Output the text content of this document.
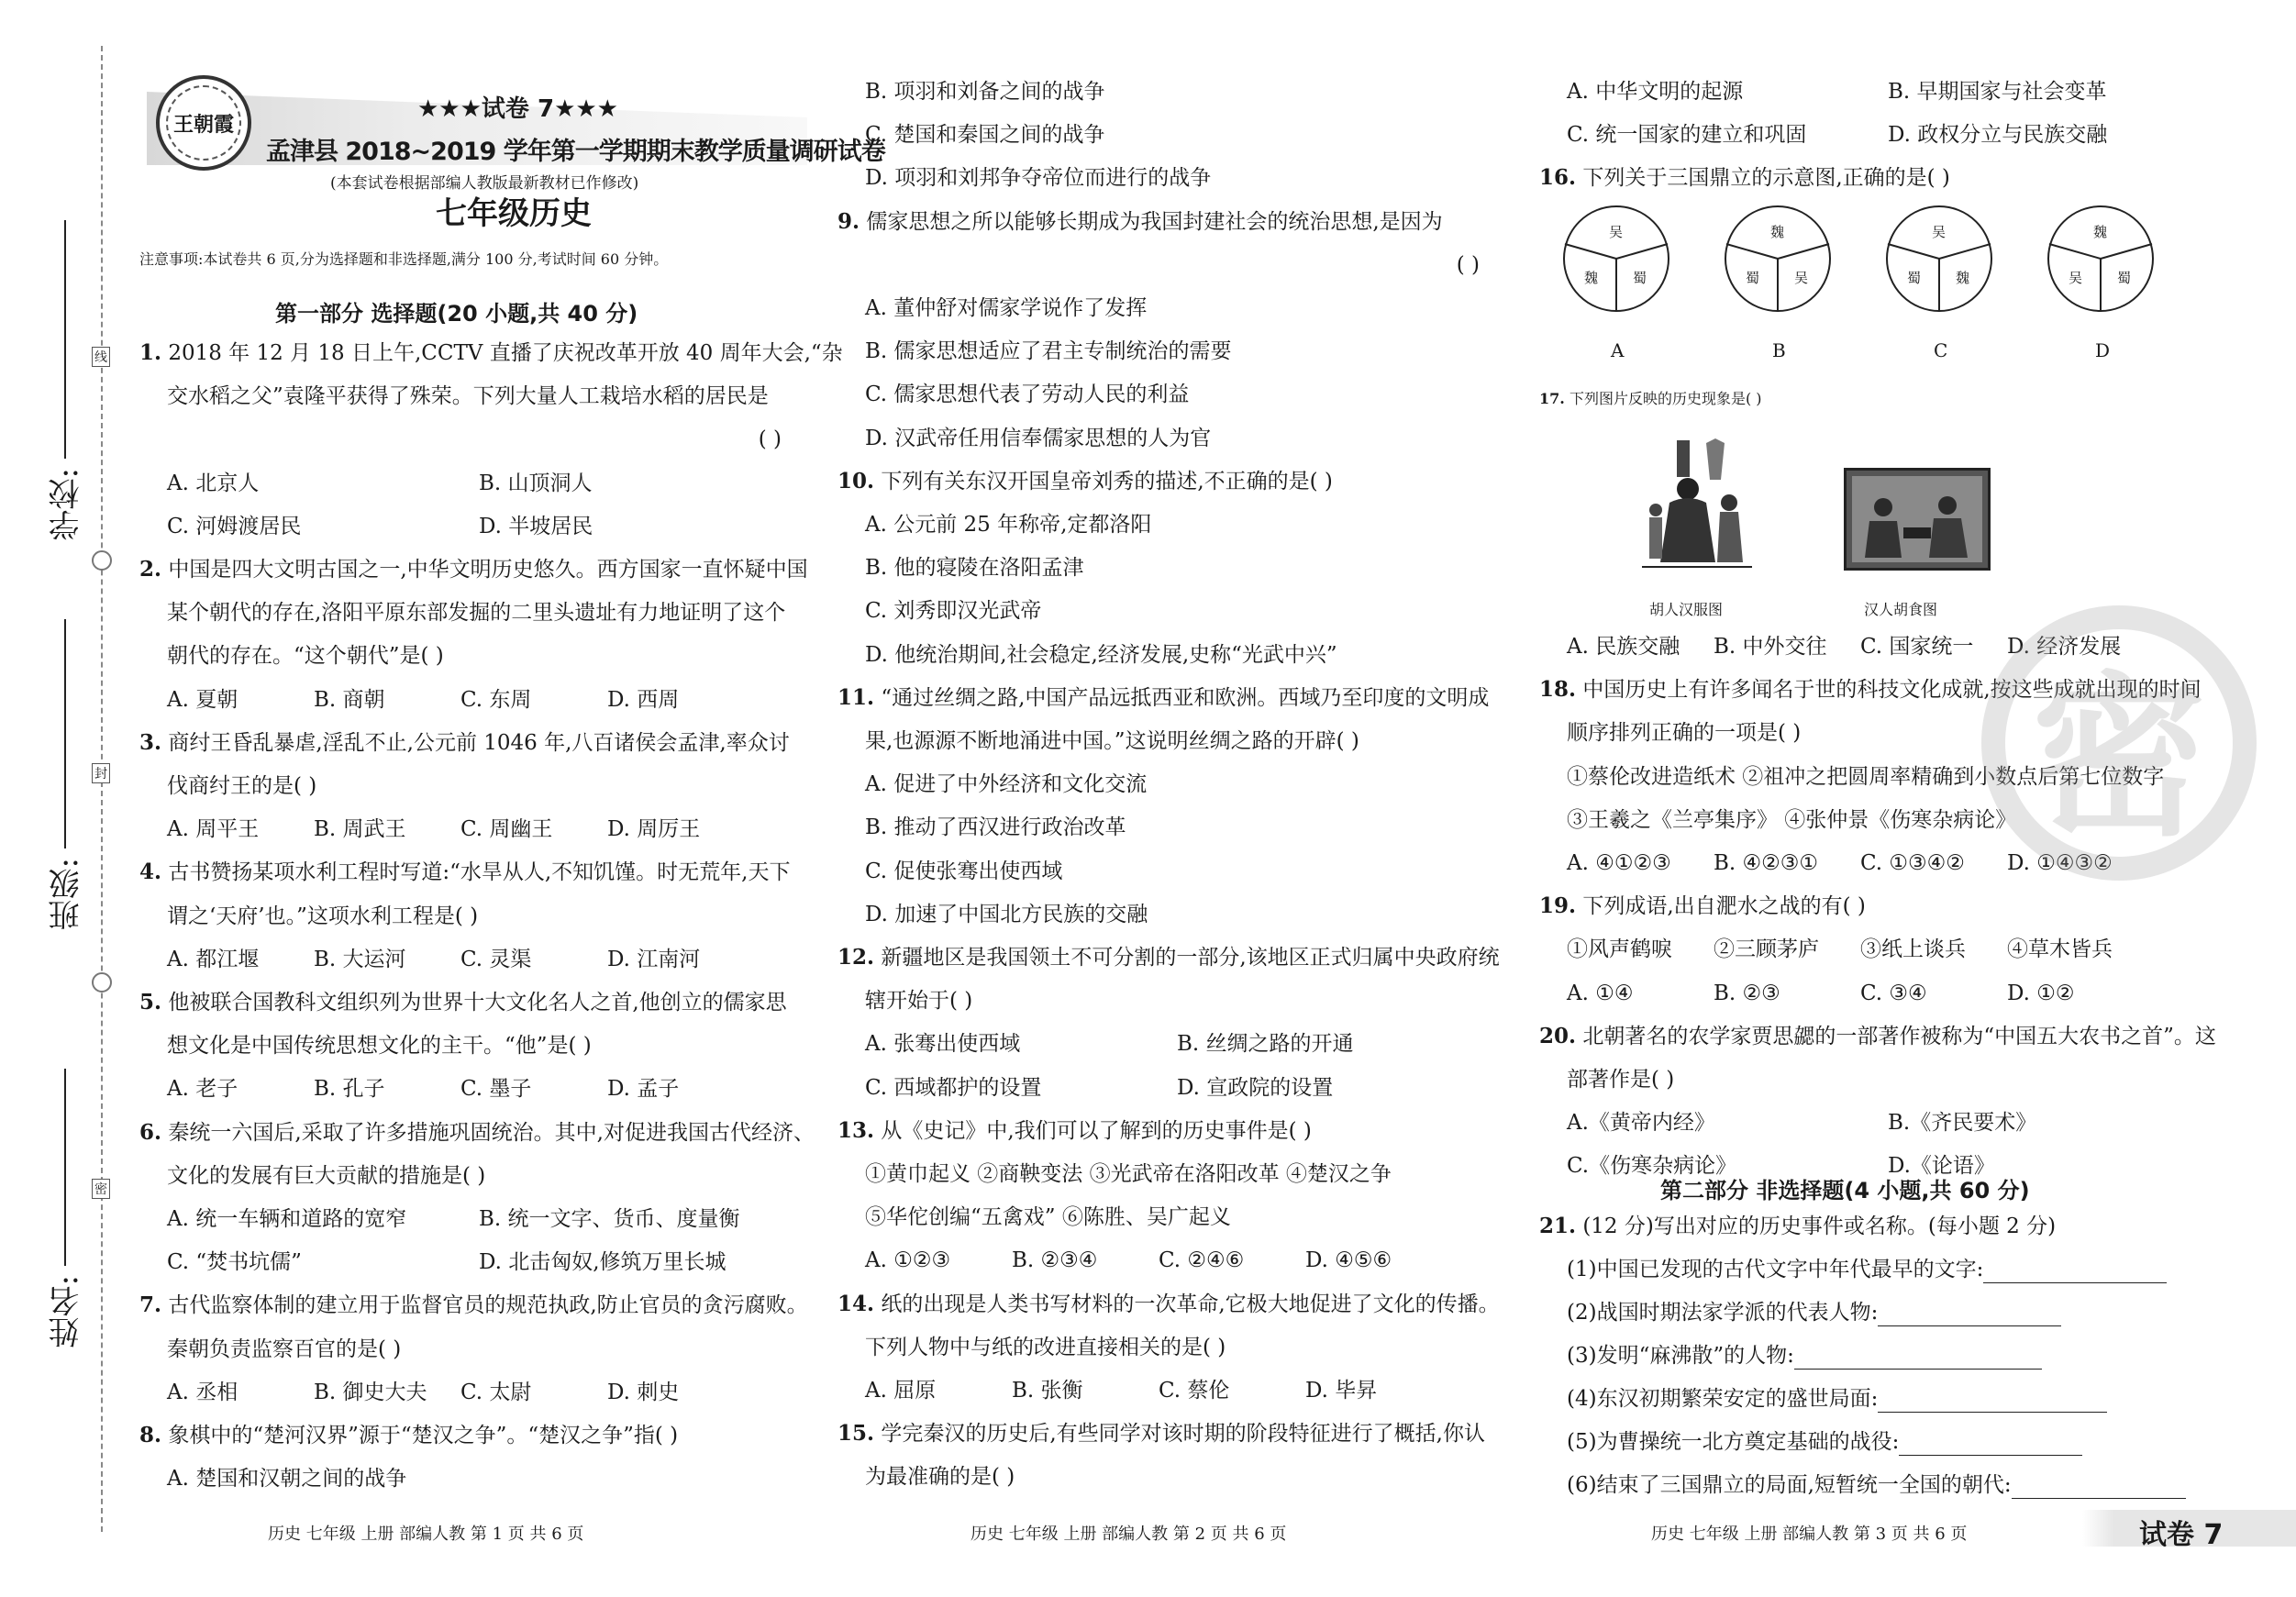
线
封
密
学校:
班级:
姓名:
王朝霞
★★★试卷 7★★★
孟津县 2018~2019 学年第一学期期末教学质量调研试卷
(本套试卷根据部编人教版最新教材已作修改)
七年级历史
注意事项:本试卷共 6 页,分为选择题和非选择题,满分 100 分,考试时间 60 分钟。
第一部分 选择题(20 小题,共 40 分)
1. 2018 年 12 月 18 日上午,CCTV 直播了庆祝改革开放 40 周年大会,“杂
交水稻之父”袁隆平获得了殊荣。下列大量人工栽培水稻的居民是
( )
A. 北京人	B. 山顶洞人
C. 河姆渡居民	D. 半坡居民
2. 中国是四大文明古国之一,中华文明历史悠久。西方国家一直怀疑中国
某个朝代的存在,洛阳平原东部发掘的二里头遗址有力地证明了这个
朝代的存在。“这个朝代”是( )
A. 夏朝	B. 商朝	C. 东周	D. 西周
3. 商纣王昏乱暴虐,淫乱不止,公元前 1046 年,八百诸侯会孟津,率众讨
伐商纣王的是( )
A. 周平王	B. 周武王	C. 周幽王	D. 周厉王
4. 古书赞扬某项水利工程时写道:“水旱从人,不知饥馑。时无荒年,天下
谓之‘天府’也。”这项水利工程是( )
A. 都江堰	B. 大运河	C. 灵渠	D. 江南河
5. 他被联合国教科文组织列为世界十大文化名人之首,他创立的儒家思
想文化是中国传统思想文化的主干。“他”是( )
A. 老子	B. 孔子	C. 墨子	D. 孟子
6. 秦统一六国后,采取了许多措施巩固统治。其中,对促进我国古代经济、
文化的发展有巨大贡献的措施是( )
A. 统一车辆和道路的宽窄	B. 统一文字、货币、度量衡
C. “焚书坑儒”	D. 北击匈奴,修筑万里长城
7. 古代监察体制的建立用于监督官员的规范执政,防止官员的贪污腐败。
秦朝负责监察百官的是( )
A. 丞相	B. 御史大夫 C. 太尉	D. 刺史
8. 象棋中的“楚河汉界”源于“楚汉之争”。“楚汉之争”指( )
A. 楚国和汉朝之间的战争
B. 项羽和刘备之间的战争
C. 楚国和秦国之间的战争
D. 项羽和刘邦争夺帝位而进行的战争
9. 儒家思想之所以能够长期成为我国封建社会的统治思想,是因为
( )
A. 董仲舒对儒家学说作了发挥
B. 儒家思想适应了君主专制统治的需要
C. 儒家思想代表了劳动人民的利益
D. 汉武帝任用信奉儒家思想的人为官
10. 下列有关东汉开国皇帝刘秀的描述,不正确的是( )
A. 公元前 25 年称帝,定都洛阳
B. 他的寝陵在洛阳孟津
C. 刘秀即汉光武帝
D. 他统治期间,社会稳定,经济发展,史称“光武中兴”
11. “通过丝绸之路,中国产品远抵西亚和欧洲。西域乃至印度的文明成
果,也源源不断地涌进中国。”这说明丝绸之路的开辟( )
A. 促进了中外经济和文化交流
B. 推动了西汉进行政治改革
C. 促使张骞出使西域
D. 加速了中国北方民族的交融
12. 新疆地区是我国领土不可分割的一部分,该地区正式归属中央政府统
辖开始于( )
A. 张骞出使西域	B. 丝绸之路的开通
C. 西域都护的设置	D. 宣政院的设置
13. 从《史记》中,我们可以了解到的历史事件是( )
①黄巾起义 ②商鞅变法 ③光武帝在洛阳改革 ④楚汉之争
⑤华佗创编“五禽戏” ⑥陈胜、吴广起义
A. ①②③	B. ②③④	C. ②④⑥	D. ④⑤⑥
14. 纸的出现是人类书写材料的一次革命,它极大地促进了文化的传播。
下列人物中与纸的改进直接相关的是( )
A. 屈原	B. 张衡	C. 蔡伦	D. 毕昇
15. 学完秦汉的历史后,有些同学对该时期的阶段特征进行了概括,你认
为最准确的是( )
A. 中华文明的起源	B. 早期国家与社会变革
C. 统一国家的建立和巩固	D. 政权分立与民族交融
16. 下列关于三国鼎立的示意图,正确的是( )
吴
魏	蜀
A
魏
蜀	吴
B
吴
蜀	魏
C
魏
吴	蜀
D
17. 下列图片反映的历史现象是( )
胡人汉服图	汉人胡食图
A. 民族交融 B. 中外交往 C. 国家统一 D. 经济发展
18. 中国历史上有许多闻名于世的科技文化成就,按这些成就出现的时间
顺序排列正确的一项是( )
①蔡伦改进造纸术 ②祖冲之把圆周率精确到小数点后第七位数字
③王羲之《兰亭集序》 ④张仲景《伤寒杂病论》
A. ④①②③ B. ④②③① C. ①③④② D. ①④③②
19. 下列成语,出自淝水之战的有( )
①风声鹤唳 ②三顾茅庐 ③纸上谈兵 ④草木皆兵
A. ①④	B. ②③	C. ③④	D. ①②
20. 北朝著名的农学家贾思勰的一部著作被称为“中国五大农书之首”。这
部著作是( )
A.《黄帝内经》	B.《齐民要术》
C.《伤寒杂病论》	D.《论语》
密
第二部分 非选择题(4 小题,共 60 分)
21. (12 分)写出对应的历史事件或名称。(每小题 2 分)
(1)中国已发现的古代文字中年代最早的文字:
(2)战国时期法家学派的代表人物:
(3)发明“麻沸散”的人物:
(4)东汉初期繁荣安定的盛世局面:
(5)为曹操统一北方奠定基础的战役:
(6)结束了三国鼎立的局面,短暂统一全国的朝代:
历史 七年级 上册 部编人教 第 1 页 共 6 页	历史 七年级 上册 部编人教 第 2 页 共 6 页	历史 七年级 上册 部编人教 第 3 页 共 6 页	试卷 7
